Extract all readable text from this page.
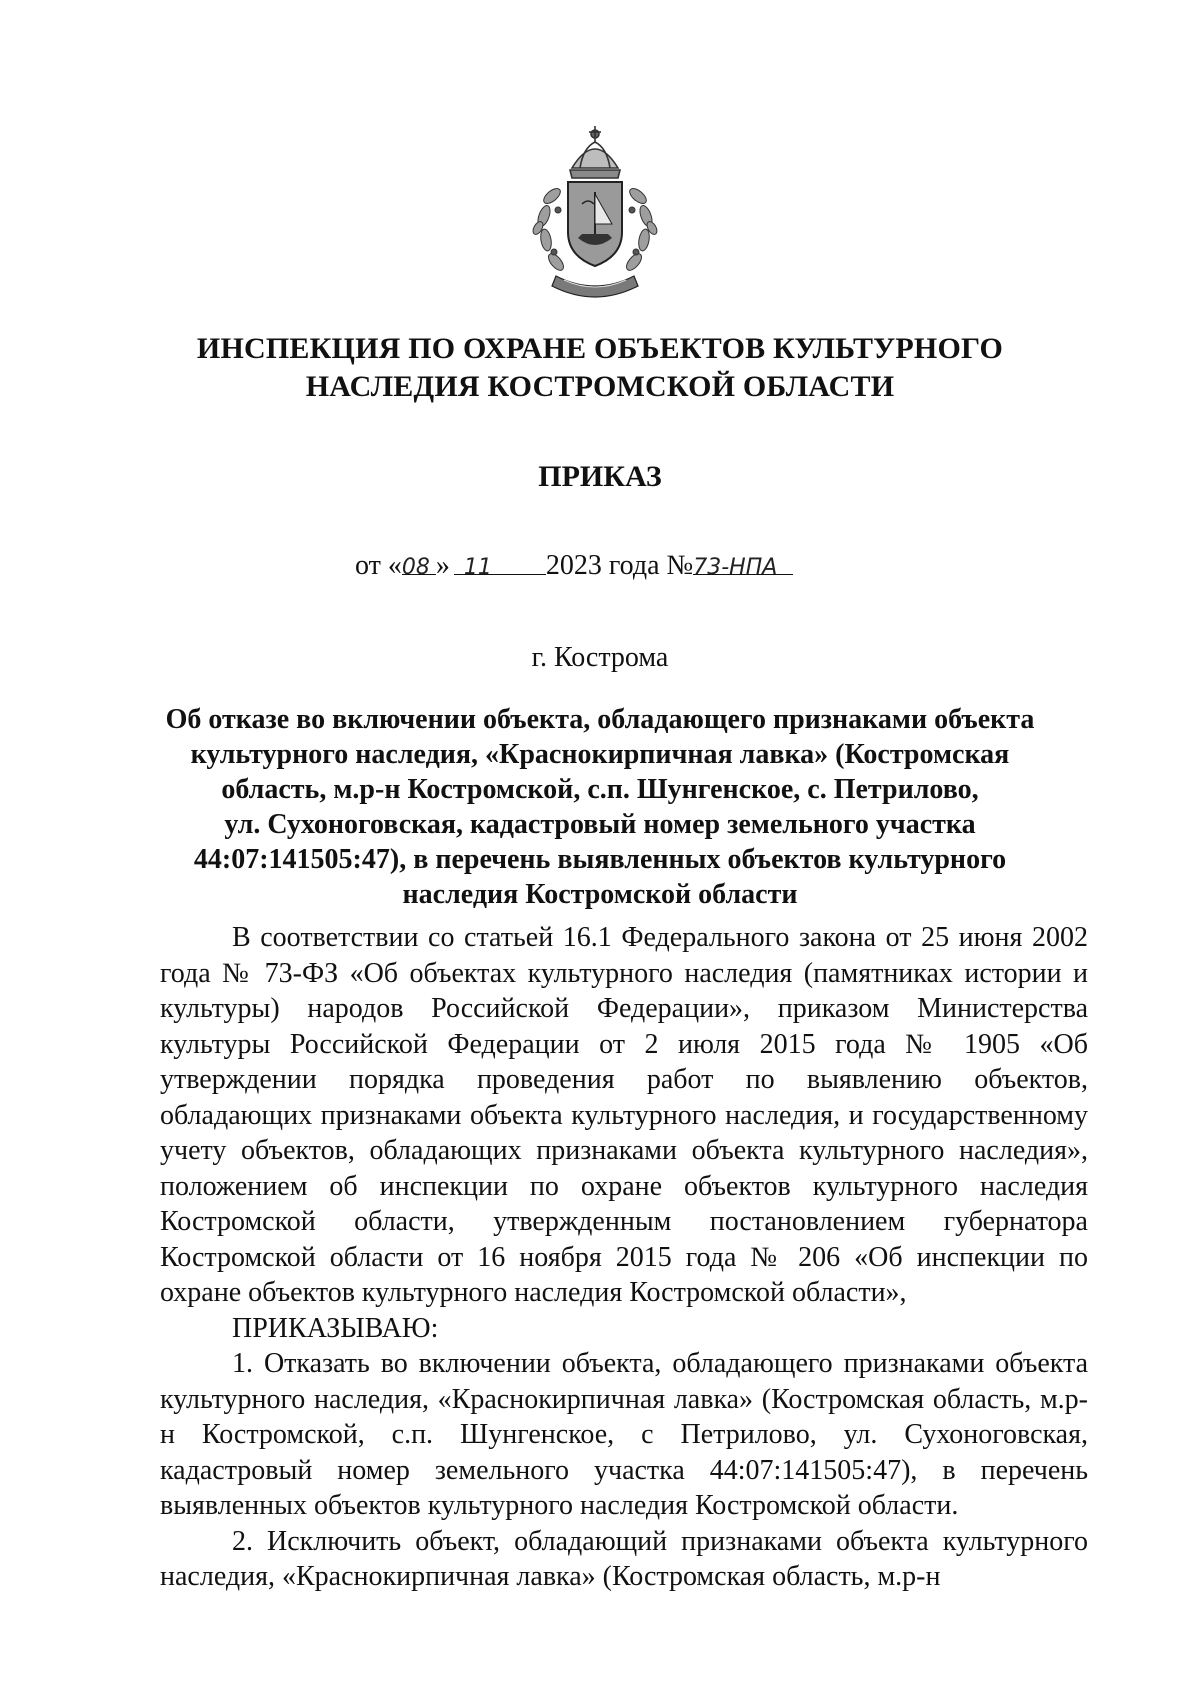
ИНСПЕКЦИЯ ПО ОХРАНЕ ОБЪЕКТОВ КУЛЬТУРНОГО
НАСЛЕДИЯ КОСТРОМСКОЙ ОБЛАСТИ
ПРИКАЗ
от «08 » 11 2023 года №73-НПА
г. Кострома
Об отказе во включении объекта, обладающего признаками объекта
культурного наследия, «Краснокирпичная лавка» (Костромская
область, м.р-н Костромской, с.п. Шунгенское, с. Петрилово,
ул. Сухоноговская, кадастровый номер земельного участка
44:07:141505:47), в перечень выявленных объектов культурного
наследия Костромской области

В соответствии со статьей 16.1 Федерального закона от 25 июня 2002 года № 73-ФЗ «Об объектах культурного наследия (памятниках истории и культуры) народов Российской Федерации», приказом Министерства культуры Российской Федерации от 2 июля 2015 года № 1905 «Об утверждении порядка проведения работ по выявлению объектов, обладающих признаками объекта культурного наследия, и государственному учету объектов, обладающих признаками объекта культурного наследия», положением об инспекции по охране объектов культурного наследия Костромской области, утвержденным постановлением губернатора Костромской области от 16 ноября 2015 года № 206 «Об инспекции по охране объектов культурного наследия Костромской области»,

ПРИКАЗЫВАЮ:

1. Отказать во включении объекта, обладающего признаками объекта культурного наследия, «Краснокирпичная лавка» (Костромская область, м.р-н Костромской, с.п. Шунгенское, с Петрилово, ул. Сухоноговская, кадастровый номер земельного участка 44:07:141505:47), в перечень выявленных объектов культурного наследия Костромской области.

2. Исключить объект, обладающий признаками объекта культурного наследия, «Краснокирпичная лавка» (Костромская область, м.р-н
